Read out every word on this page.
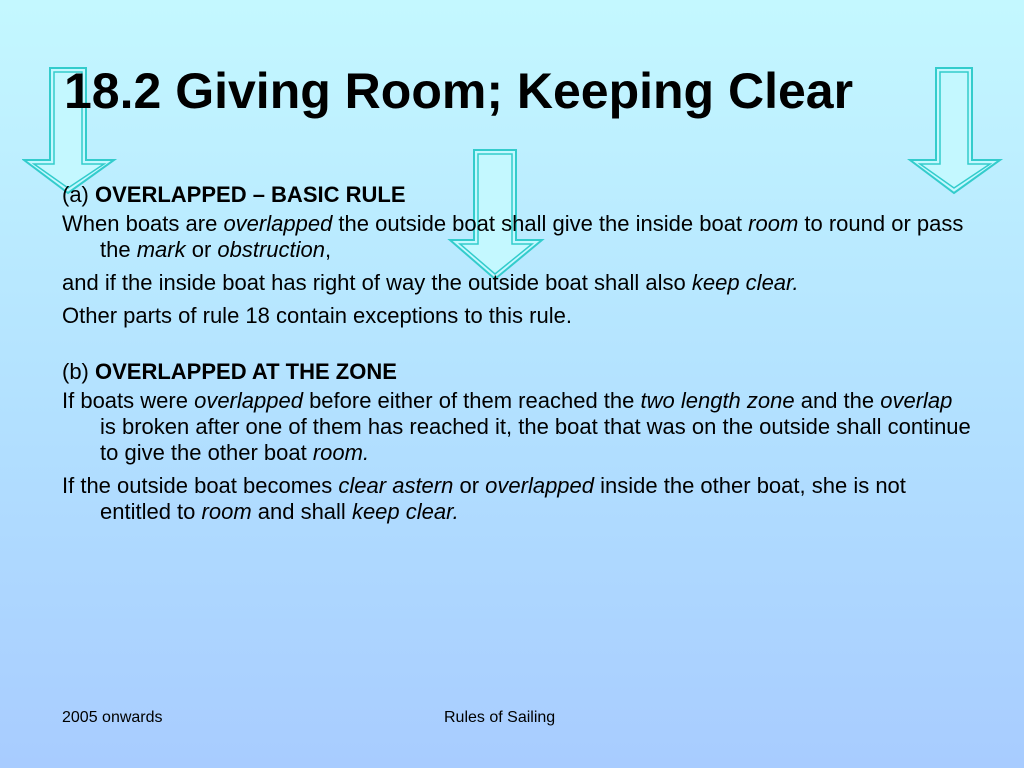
18.2 Giving Room; Keeping Clear

(a) OVERLAPPED – BASIC RULE

When boats are overlapped the outside boat shall give the inside boat room to round or pass the mark or obstruction,

and if the inside boat has right of way the outside boat shall also keep clear.

Other parts of rule 18 contain exceptions to this rule.

(b) OVERLAPPED AT THE ZONE

If boats were overlapped before either of them reached the two length zone and the overlap is broken after one of them has reached it, the boat that was on the outside shall continue to give the other boat room.

If the outside boat becomes clear astern or overlapped inside the other boat, she is not entitled to room and shall keep clear.

2005 onwards	Rules of Sailing
